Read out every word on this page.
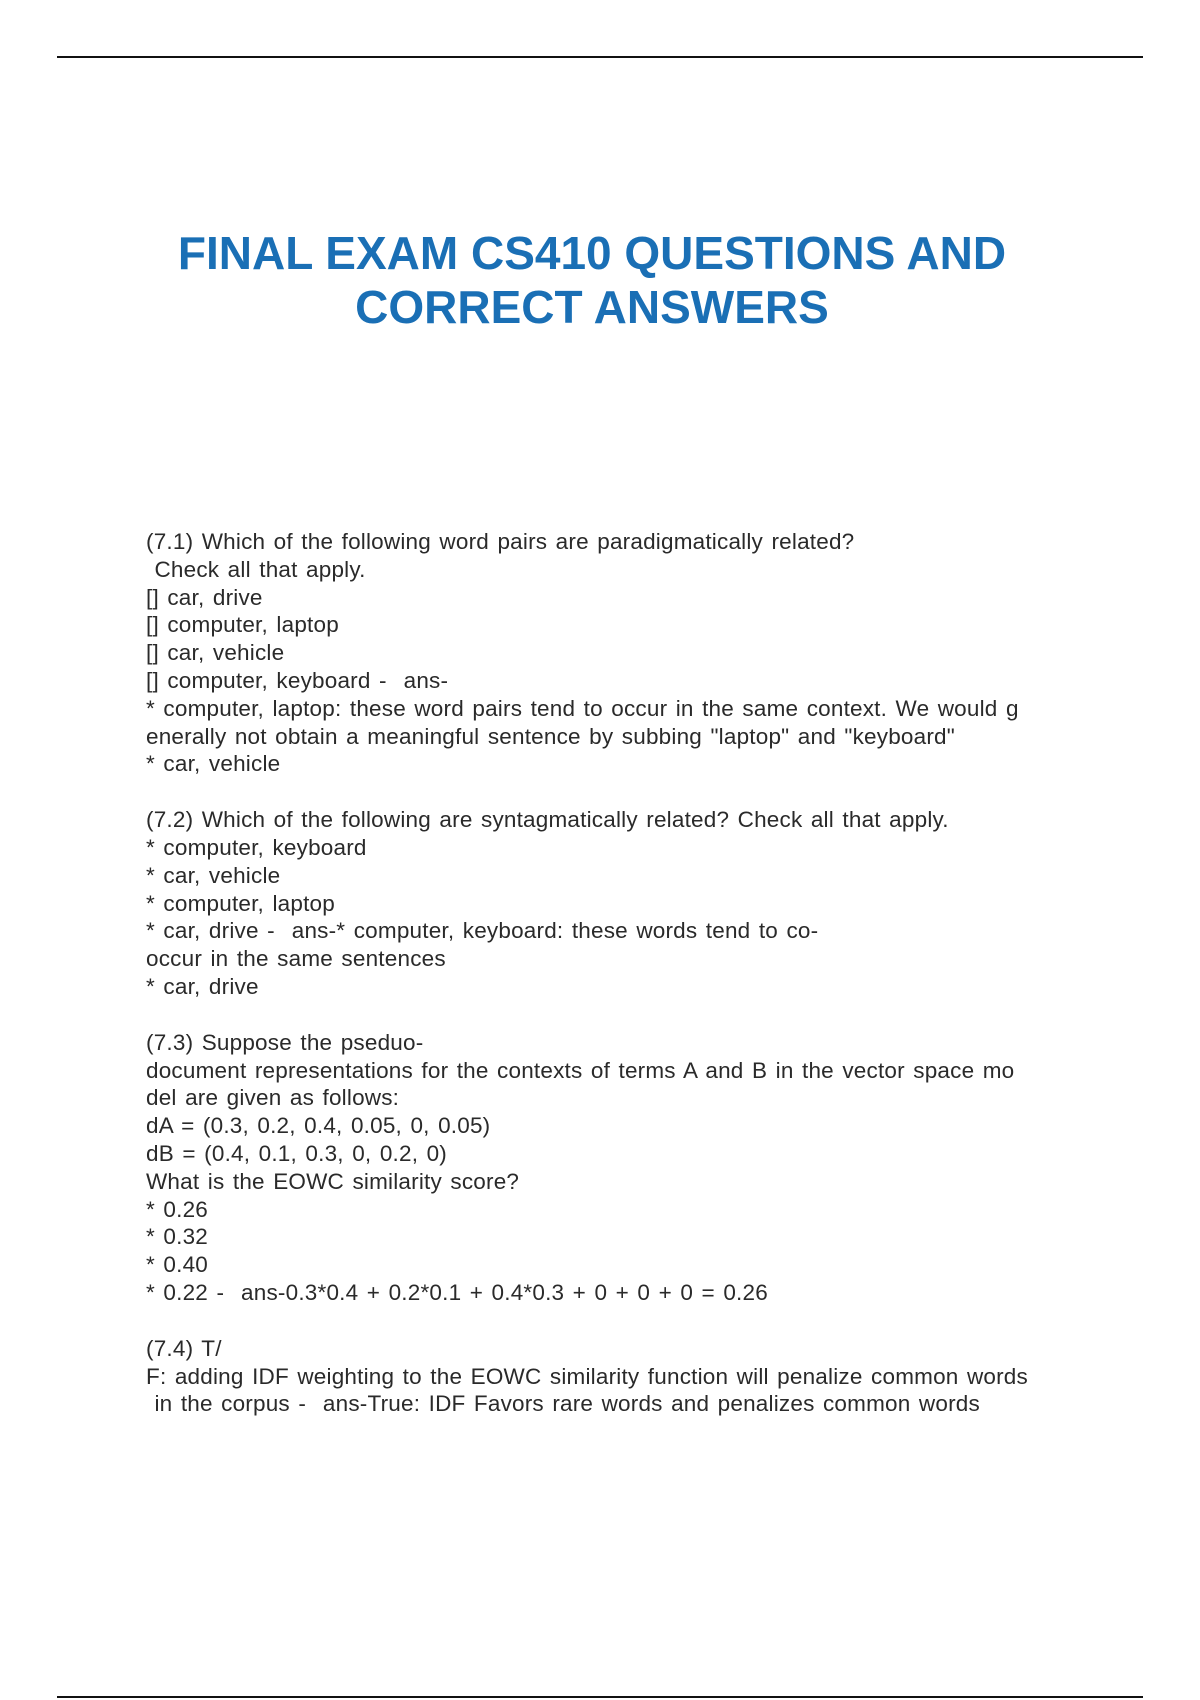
FINAL EXAM CS410 QUESTIONS AND
CORRECT ANSWERS
(7.1) Which of the following word pairs are paradigmatically related?
Check all that apply.
[] car, drive
[] computer, laptop
[] car, vehicle
[] computer, keyboard -  ans-
* computer, laptop: these word pairs tend to occur in the same context. We would g
enerally not obtain a meaningful sentence by subbing "laptop" and "keyboard"
* car, vehicle
(7.2) Which of the following are syntagmatically related? Check all that apply.
* computer, keyboard
* car, vehicle
* computer, laptop
* car, drive -  ans-* computer, keyboard: these words tend to co-
occur in the same sentences
* car, drive
(7.3) Suppose the pseduo-
document representations for the contexts of terms A and B in the vector space mo
del are given as follows:
dA = (0.3, 0.2, 0.4, 0.05, 0, 0.05)
dB = (0.4, 0.1, 0.3, 0, 0.2, 0)
What is the EOWC similarity score?
* 0.26
* 0.32
* 0.40
* 0.22 -  ans-0.3*0.4 + 0.2*0.1 + 0.4*0.3 + 0 + 0 + 0 = 0.26
(7.4) T/
F: adding IDF weighting to the EOWC similarity function will penalize common words
in the corpus -  ans-True: IDF Favors rare words and penalizes common words
